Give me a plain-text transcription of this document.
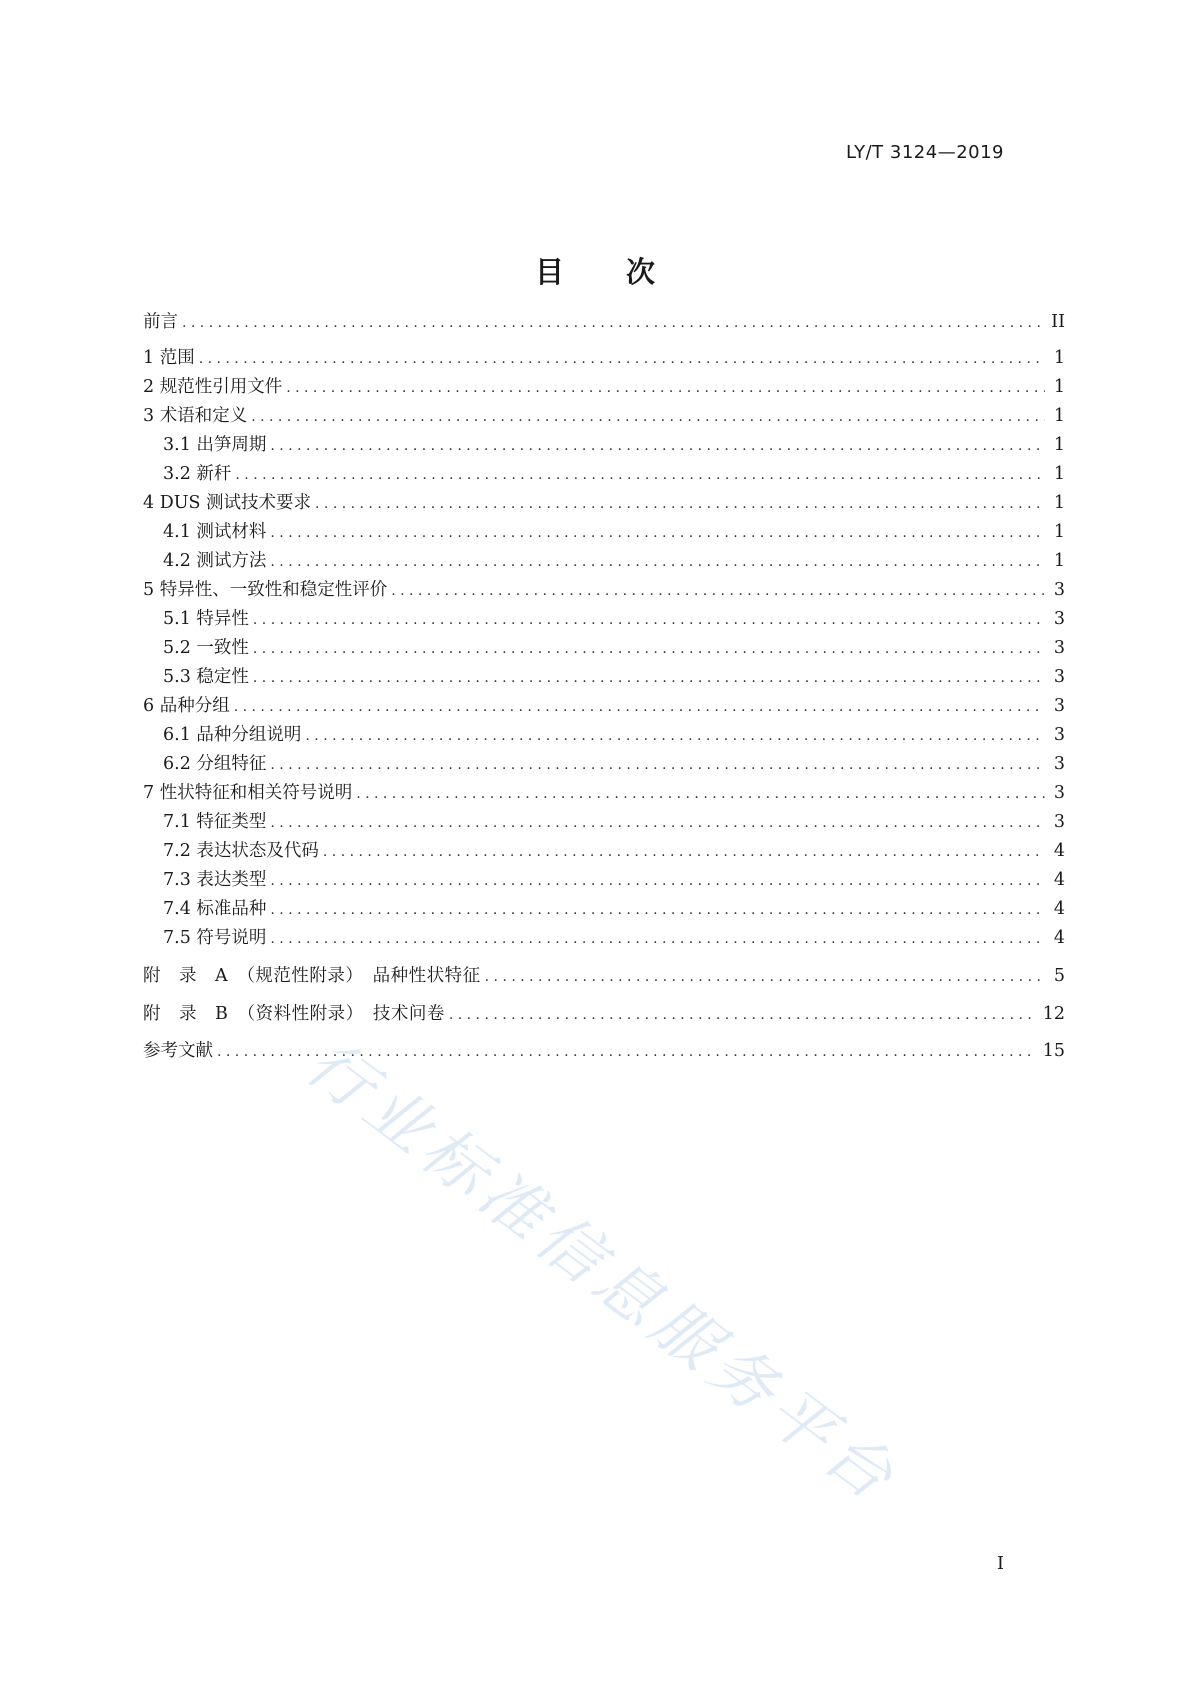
LY/T 3124—2019
目 次
前言 . . .	II
1 范围 . . .	1
2 规范性引用文件 . . .	1
3 术语和定义 . . .	1
3.1 出笋周期 . . .	1
3.2 新秆 . . .	1
4 DUS 测试技术要求 . . .	1
4.1 测试材料 . . .	1
4.2 测试方法 . . .	1
5 特异性、一致性和稳定性评价 . . .	3
5.1 特异性 . . .	3
5.2 一致性 . . .	3
5.3 稳定性 . . .	3
6 品种分组 . . .	3
6.1 品种分组说明 . . .	3
6.2 分组特征 . . .	3
7 性状特征和相关符号说明 . . .	3
7.1 特征类型 . . .	3
7.2 表达状态及代码 . . .	4
7.3 表达类型 . . .	4
7.4 标准品种 . . .	4
7.5 符号说明 . . .	4
附　录　A　（规范性附录）　品种性状特征 . . .	5
附　录　B　（资料性附录）　技术问卷 . . .	12
参考文献 . . .	15
行业标准信息服务平台
I
